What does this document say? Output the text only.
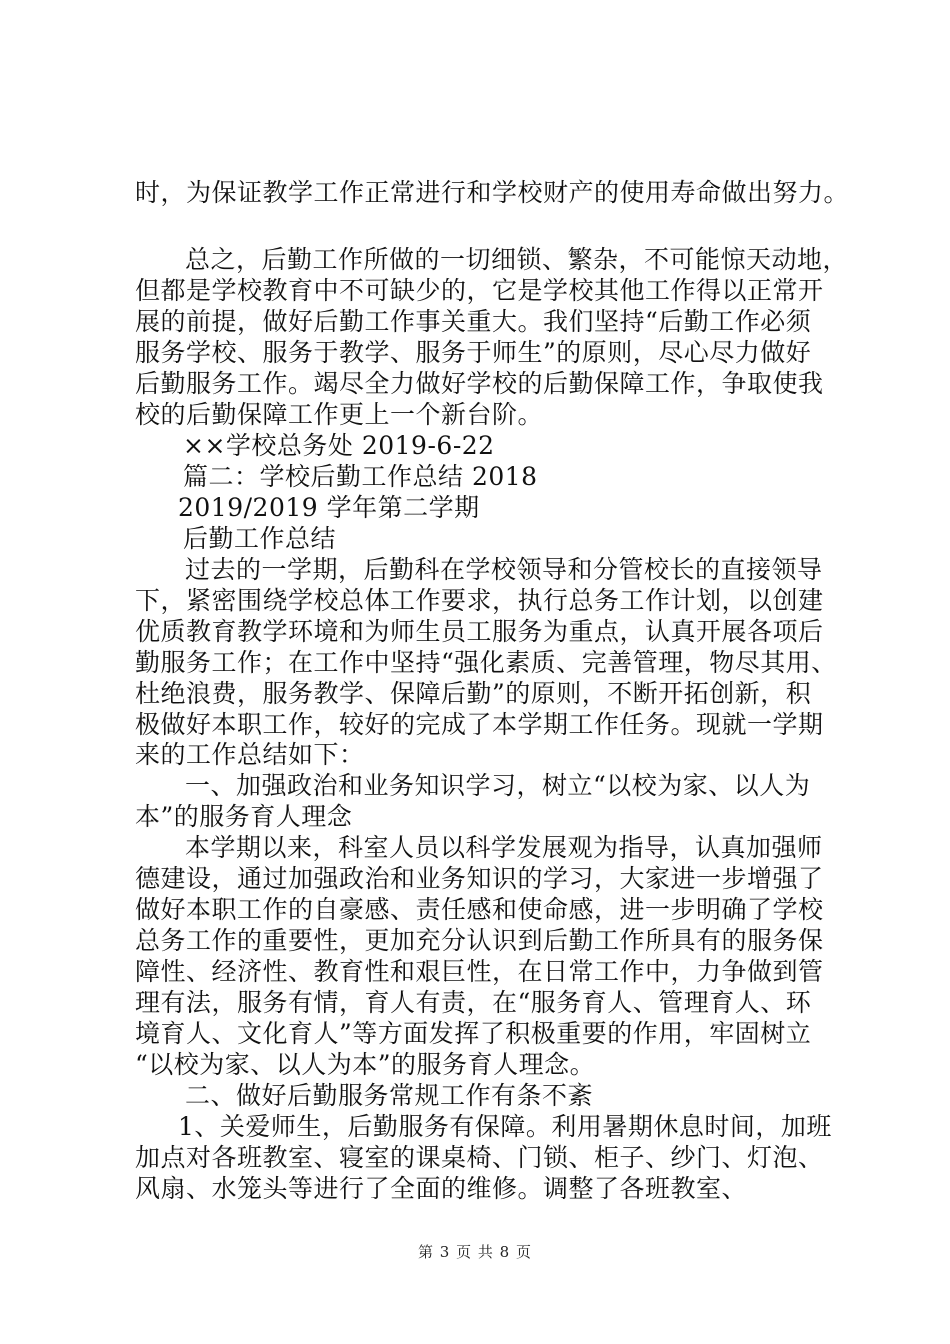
时，为保证教学工作正常进行和学校财产的使用寿命做出努力。
总之，后勤工作所做的一切细锁、繁杂，不可能惊天动地，
但都是学校教育中不可缺少的，它是学校其他工作得以正常开
展的前提，做好后勤工作事关重大。我们坚持“后勤工作必须
服务学校、服务于教学、服务于师生”的原则，尽心尽力做好
后勤服务工作。竭尽全力做好学校的后勤保障工作，争取使我
校的后勤保障工作更上一个新台阶。
××学校总务处 2019-6-22
篇二：学校后勤工作总结 2018
2019/2019 学年第二学期
后勤工作总结
过去的一学期，后勤科在学校领导和分管校长的直接领导
下，紧密围绕学校总体工作要求，执行总务工作计划，以创建
优质教育教学环境和为师生员工服务为重点，认真开展各项后
勤服务工作；在工作中坚持“强化素质、完善管理，物尽其用、
杜绝浪费，服务教学、保障后勤”的原则，不断开拓创新，积
极做好本职工作，较好的完成了本学期工作任务。现就一学期
来的工作总结如下：
一、加强政治和业务知识学习，树立“以校为家、以人为
本”的服务育人理念
本学期以来，科室人员以科学发展观为指导，认真加强师
德建设，通过加强政治和业务知识的学习，大家进一步增强了
做好本职工作的自豪感、责任感和使命感，进一步明确了学校
总务工作的重要性，更加充分认识到后勤工作所具有的服务保
障性、经济性、教育性和艰巨性，在日常工作中，力争做到管
理有法，服务有情，育人有责，在“服务育人、管理育人、环
境育人、文化育人”等方面发挥了积极重要的作用，牢固树立
“以校为家、以人为本”的服务育人理念。
二、做好后勤服务常规工作有条不紊
1、关爱师生，后勤服务有保障。利用暑期休息时间，加班
加点对各班教室、寝室的课桌椅、门锁、柜子、纱门、灯泡、
风扇、水笼头等进行了全面的维修。调整了各班教室、
第 3 页 共 8 页
